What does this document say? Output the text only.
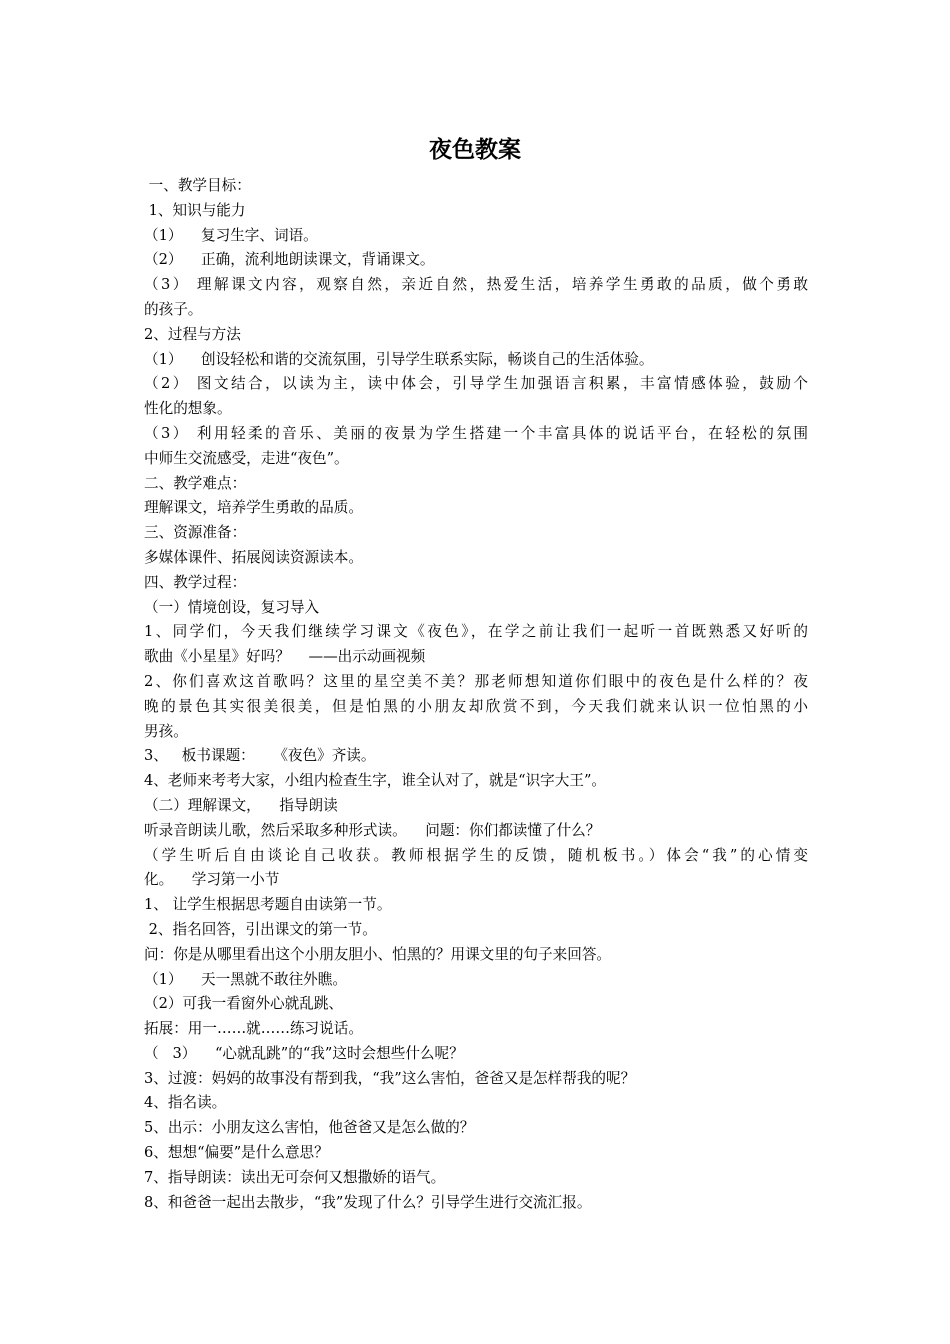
夜色教案
一、教学目标：
1、知识与能力
（1）    复习生字、词语。
（2）    正确，流利地朗读课文，背诵课文。
（3） 理解课文内容，观察自然，亲近自然，热爱生活，培养学生勇敢的品质，做个勇敢
的孩子。
2、过程与方法
（1）    创设轻松和谐的交流氛围，引导学生联系实际，畅谈自己的生活体验。
（2） 图文结合，以读为主，读中体会，引导学生加强语言积累，丰富情感体验，鼓励个
性化的想象。
（3） 利用轻柔的音乐、美丽的夜景为学生搭建一个丰富具体的说话平台，在轻松的氛围
中师生交流感受，走进“夜色”。
二、教学难点：
理解课文，培养学生勇敢的品质。
三、资源准备：
多媒体课件、拓展阅读资源读本。
四、教学过程：
（一）情境创设，复习导入
1、同学们，今天我们继续学习课文《夜色》，在学之前让我们一起听一首既熟悉又好听的
歌曲《小星星》好吗？    ——出示动画视频
2、你们喜欢这首歌吗？这里的星空美不美？那老师想知道你们眼中的夜色是什么样的？夜
晚的景色其实很美很美，但是怕黑的小朋友却欣赏不到，今天我们就来认识一位怕黑的小
男孩。
3、   板书课题：    《夜色》齐读。
4、老师来考考大家，小组内检查生字，谁全认对了，就是“识字大王”。
（二）理解课文，    指导朗读
听录音朗读儿歌，然后采取多种形式读。    问题：你们都读懂了什么？
（学生听后自由谈论自己收获。教师根据学生的反馈，随机板书。）体会“我”的心情变
化。    学习第一小节
1、 让学生根据思考题自由读第一节。
2、指名回答，引出课文的第一节。
问：你是从哪里看出这个小朋友胆小、怕黑的？用课文里的句子来回答。
（1）    天一黑就不敢往外瞧。
（2）可我一看窗外心就乱跳、
拓展：用一……就……练习说话。
（   3）    “心就乱跳”的“我”这时会想些什么呢？
3、过渡：妈妈的故事没有帮到我，“我”这么害怕，爸爸又是怎样帮我的呢？
4、指名读。
5、出示：小朋友这么害怕，他爸爸又是怎么做的？
6、想想“偏要”是什么意思？
7、指导朗读：读出无可奈何又想撒娇的语气。
8、和爸爸一起出去散步，“我”发现了什么？引导学生进行交流汇报。
